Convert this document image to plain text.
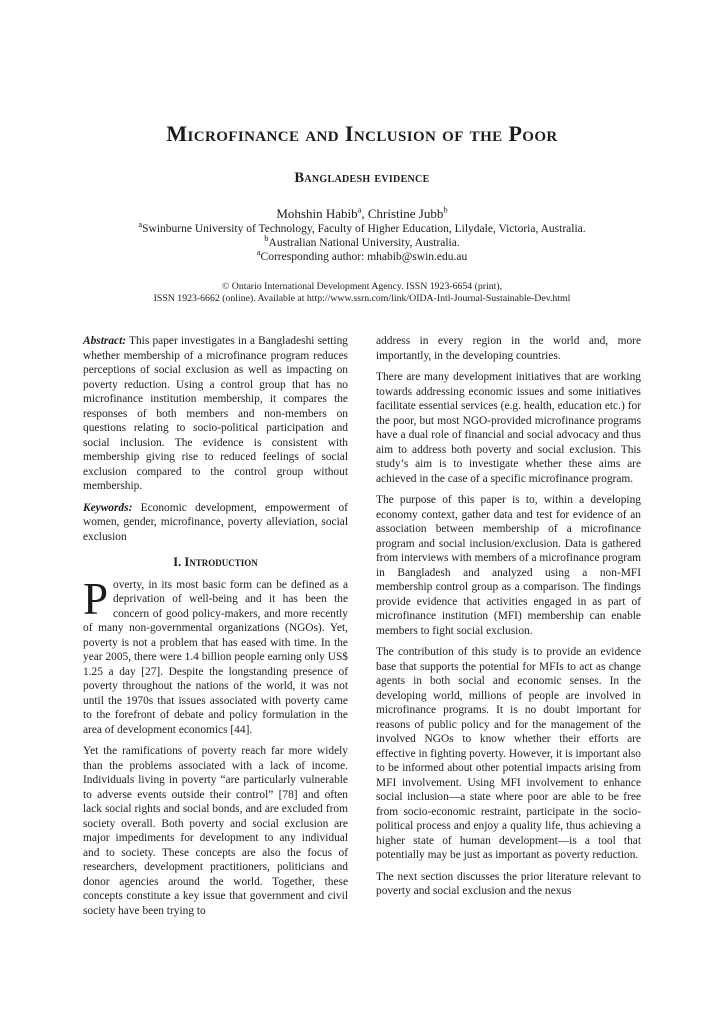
Microfinance and Inclusion of the Poor
Bangladesh evidence
Mohshin Habib$^a$, Christine Jubb$^b$
$^a$Swinburne University of Technology, Faculty of Higher Education, Lilydale, Victoria, Australia.
$^b$Australian National University, Australia.
$^a$Corresponding author: mhabib@swin.edu.au
© Ontario International Development Agency. ISSN 1923-6654 (print),
ISSN 1923-6662 (online). Available at http://www.ssrn.com/link/OIDA-Intl-Journal-Sustainable-Dev.html

Abstract: This paper investigates in a Bangladeshi setting whether membership of a microfinance program reduces perceptions of social exclusion as well as impacting on poverty reduction. Using a control group that has no microfinance institution membership, it compares the responses of both members and non-members on questions relating to socio-political participation and social inclusion. The evidence is consistent with membership giving rise to reduced feelings of social exclusion compared to the control group without membership.

Keywords: Economic development, empowerment of women, gender, microfinance, poverty alleviation, social exclusion

I. Introduction

Poverty, in its most basic form can be defined as a deprivation of well-being and it has been the concern of good policy-makers, and more recently of many non-governmental organizations (NGOs). Yet, poverty is not a problem that has eased with time. In the year 2005, there were 1.4 billion people earning only US$ 1.25 a day [27]. Despite the longstanding presence of poverty throughout the nations of the world, it was not until the 1970s that issues associated with poverty came to the forefront of debate and policy formulation in the area of development economics [44].

Yet the ramifications of poverty reach far more widely than the problems associated with a lack of income. Individuals living in poverty “are particularly vulnerable to adverse events outside their control” [78] and often lack social rights and social bonds, and are excluded from society overall. Both poverty and social exclusion are major impediments for development to any individual and to society. These concepts are also the focus of researchers, development practitioners, politicians and donor agencies around the world. Together, these concepts constitute a key issue that government and civil society have been trying to

address in every region in the world and, more importantly, in the developing countries.

There are many development initiatives that are working towards addressing economic issues and some initiatives facilitate essential services (e.g. health, education etc.) for the poor, but most NGO-provided microfinance programs have a dual role of financial and social advocacy and thus aim to address both poverty and social exclusion. This study’s aim is to investigate whether these aims are achieved in the case of a specific microfinance program.

The purpose of this paper is to, within a developing economy context, gather data and test for evidence of an association between membership of a microfinance program and social inclusion/exclusion. Data is gathered from interviews with members of a microfinance program in Bangladesh and analyzed using a non-MFI membership control group as a comparison. The findings provide evidence that activities engaged in as part of microfinance institution (MFI) membership can enable members to fight social exclusion.

The contribution of this study is to provide an evidence base that supports the potential for MFIs to act as change agents in both social and economic senses. In the developing world, millions of people are involved in microfinance programs. It is no doubt important for reasons of public policy and for the management of the involved NGOs to know whether their efforts are effective in fighting poverty. However, it is important also to be informed about other potential impacts arising from MFI involvement. Using MFI involvement to enhance social inclusion—a state where poor are able to be free from socio-economic restraint, participate in the socio-political process and enjoy a quality life, thus achieving a higher state of human development—is a tool that potentially may be just as important as poverty reduction.

The next section discusses the prior literature relevant to poverty and social exclusion and the nexus
